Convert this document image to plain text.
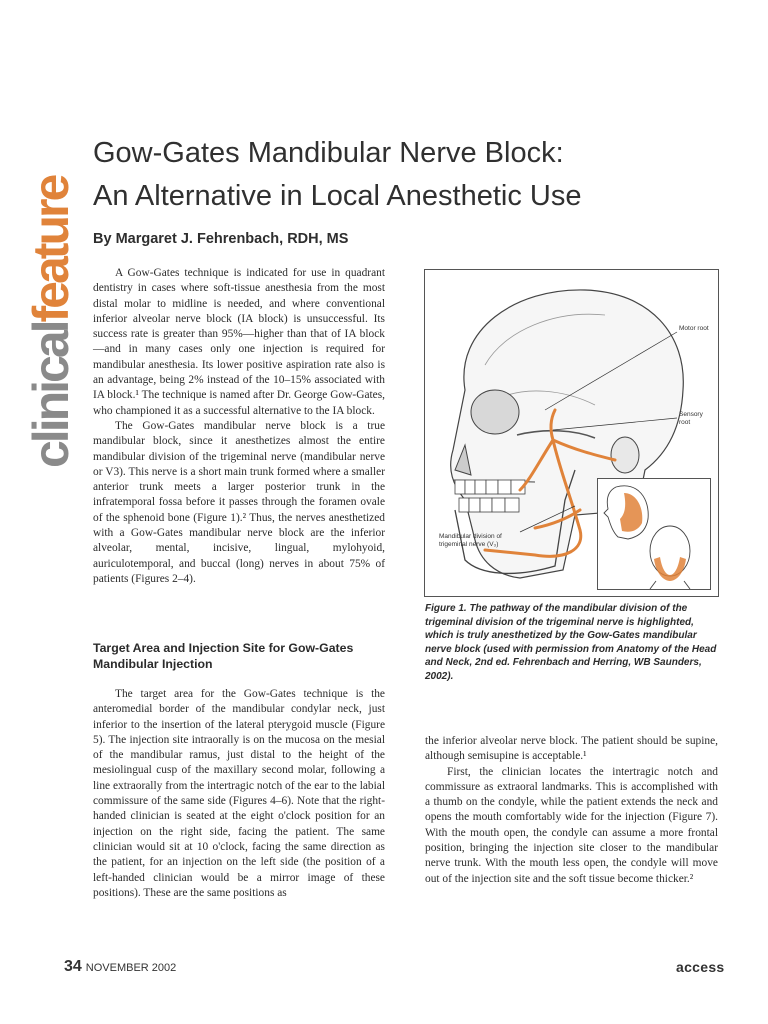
clinicalfeature
Gow-Gates Mandibular Nerve Block:
An Alternative in Local Anesthetic Use

By Margaret J. Fehrenbach, RDH, MS

A Gow-Gates technique is indicated for use in quadrant dentistry in cases where soft-tissue anesthesia from the most distal molar to midline is needed, and where conventional inferior alveolar nerve block (IA block) is unsuccessful. Its success rate is greater than 95%—higher than that of IA block—and in many cases only one injection is required for mandibular anesthesia. Its lower positive aspiration rate also is an advantage, being 2% instead of the 10–15% associated with IA block.¹ The technique is named after Dr. George Gow-Gates, who championed it as a successful alternative to the IA block.

The Gow-Gates mandibular nerve block is a true mandibular block, since it anesthetizes almost the entire mandibular division of the trigeminal nerve (mandibular nerve or V3). This nerve is a short main trunk formed where a smaller anterior trunk meets a larger posterior trunk in the infratemporal fossa before it passes through the foramen ovale of the sphenoid bone (Figure 1).² Thus, the nerves anesthetized with a Gow-Gates mandibular nerve block are the inferior alveolar, mental, incisive, lingual, mylohyoid, auriculotemporal, and buccal (long) nerves in about 75% of patients (Figures 2–4).

Target Area and Injection Site for Gow-Gates Mandibular Injection

The target area for the Gow-Gates technique is the anteromedial border of the mandibular condylar neck, just inferior to the insertion of the lateral pterygoid muscle (Figure 5). The injection site intraorally is on the mucosa on the mesial of the mandibular ramus, just distal to the height of the mesiolingual cusp of the maxillary second molar, following a line extraorally from the intertragic notch of the ear to the labial commissure of the same side (Figures 4–6). Note that the right-handed clinician is seated at the eight o'clock position for an injection on the right side, facing the patient. The same clinician would sit at 10 o'clock, facing the same direction as the patient, for an injection on the left side (the position of a left-handed clinician would be a mirror image of these positions). These are the same positions as

Motor root
Sensory root
Mandibular division of trigeminal nerve (V₃)

Figure 1. The pathway of the mandibular division of the trigeminal division of the trigeminal nerve is highlighted, which is truly anesthetized by the Gow-Gates mandibular nerve block (used with permission from Anatomy of the Head and Neck, 2nd ed. Fehrenbach and Herring, WB Saunders, 2002).

the inferior alveolar nerve block. The patient should be supine, although semisupine is acceptable.¹

First, the clinician locates the intertragic notch and commissure as extraoral landmarks. This is accomplished with a thumb on the condyle, while the patient extends the neck and opens the mouth comfortably wide for the injection (Figure 7). With the mouth open, the condyle can assume a more frontal position, bringing the injection site closer to the mandibular nerve trunk. With the mouth less open, the condyle will move out of the injection site and the soft tissue become thicker.²

34 NOVEMBER 2002	access
